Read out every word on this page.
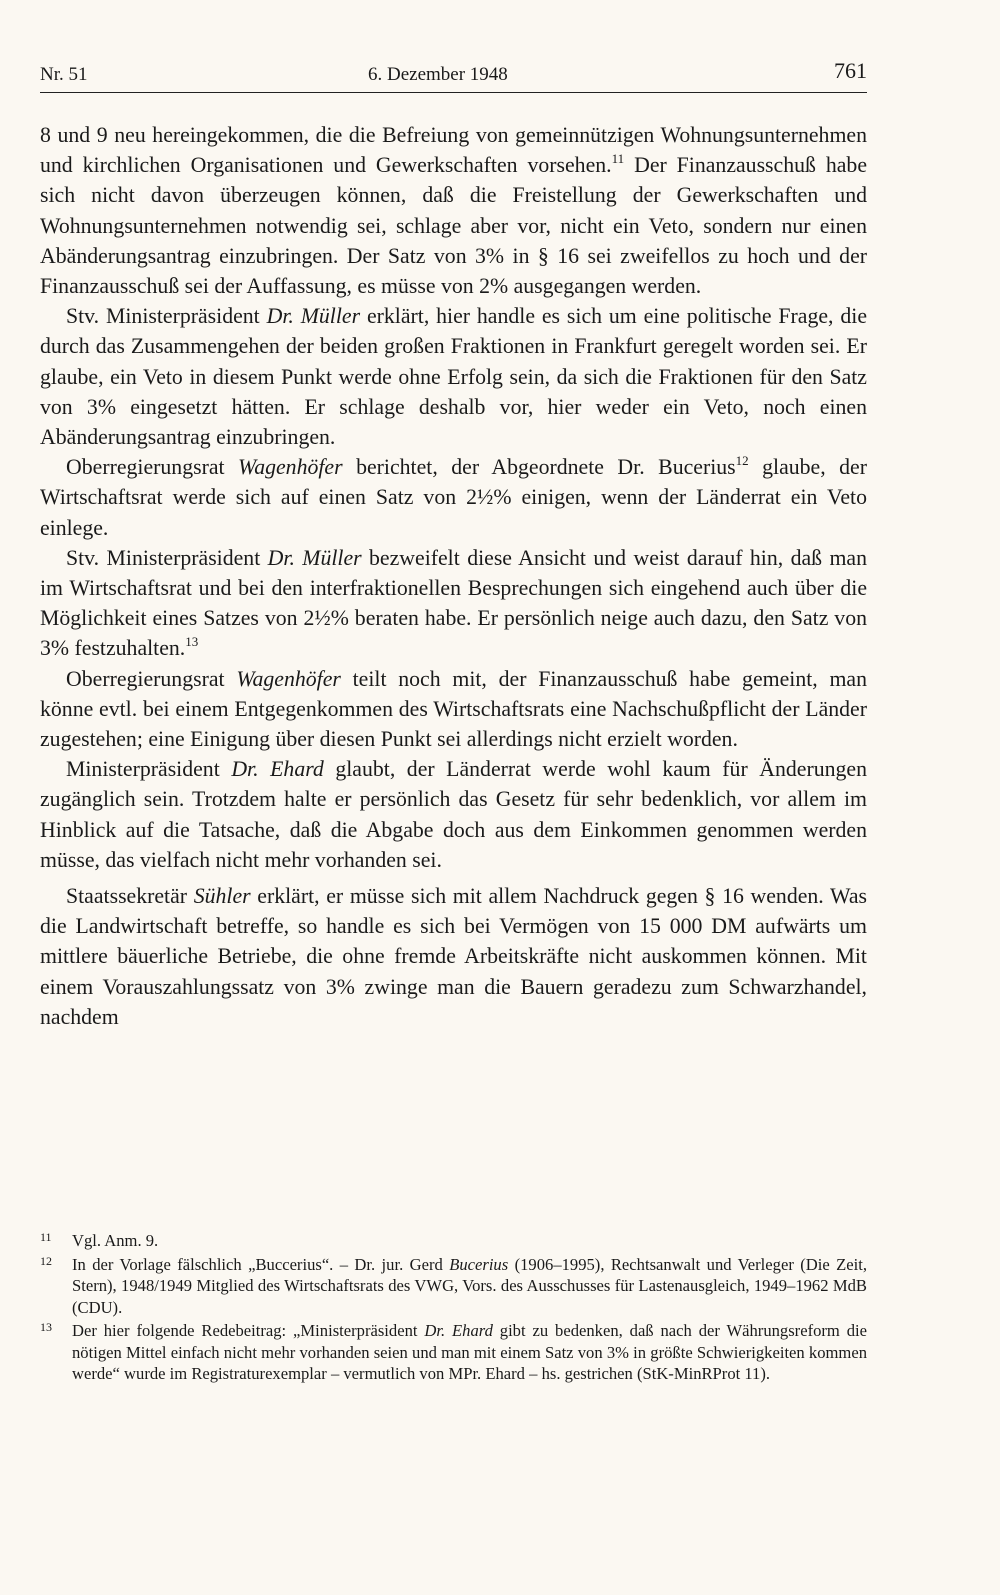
Nr. 51	6. Dezember 1948	761

8 und 9 neu hereingekommen, die die Befreiung von gemeinnützigen Wohnungsunternehmen und kirchlichen Organisationen und Gewerkschaften vorsehen.$^{11}$ Der Finanzausschuß habe sich nicht davon überzeugen können, daß die Freistellung der Gewerkschaften und Wohnungsunternehmen notwendig sei, schlage aber vor, nicht ein Veto, sondern nur einen Abänderungsantrag einzubringen. Der Satz von 3% in § 16 sei zweifellos zu hoch und der Finanzausschuß sei der Auffassung, es müsse von 2% ausgegangen werden.

Stv. Ministerpräsident Dr. Müller erklärt, hier handle es sich um eine politische Frage, die durch das Zusammengehen der beiden großen Fraktionen in Frankfurt geregelt worden sei. Er glaube, ein Veto in diesem Punkt werde ohne Erfolg sein, da sich die Fraktionen für den Satz von 3% eingesetzt hätten. Er schlage deshalb vor, hier weder ein Veto, noch einen Abänderungsantrag einzubringen.

Oberregierungsrat Wagenhöfer berichtet, der Abgeordnete Dr. Bucerius$^{12}$ glaube, der Wirtschaftsrat werde sich auf einen Satz von 2½% einigen, wenn der Länderrat ein Veto einlege.

Stv. Ministerpräsident Dr. Müller bezweifelt diese Ansicht und weist darauf hin, daß man im Wirtschaftsrat und bei den interfraktionellen Besprechungen sich eingehend auch über die Möglichkeit eines Satzes von 2½% beraten habe. Er persönlich neige auch dazu, den Satz von 3% festzuhalten.$^{13}$

Oberregierungsrat Wagenhöfer teilt noch mit, der Finanzausschuß habe gemeint, man könne evtl. bei einem Entgegenkommen des Wirtschaftsrats eine Nachschußpflicht der Länder zugestehen; eine Einigung über diesen Punkt sei allerdings nicht erzielt worden.

Ministerpräsident Dr. Ehard glaubt, der Länderrat werde wohl kaum für Änderungen zugänglich sein. Trotzdem halte er persönlich das Gesetz für sehr bedenklich, vor allem im Hinblick auf die Tatsache, daß die Abgabe doch aus dem Einkommen genommen werden müsse, das vielfach nicht mehr vorhanden sei.

Staatssekretär Sühler erklärt, er müsse sich mit allem Nachdruck gegen § 16 wenden. Was die Landwirtschaft betreffe, so handle es sich bei Vermögen von 15 000 DM aufwärts um mittlere bäuerliche Betriebe, die ohne fremde Arbeitskräfte nicht auskommen können. Mit einem Vorauszahlungssatz von 3% zwinge man die Bauern geradezu zum Schwarzhandel, nachdem

11 Vgl. Anm. 9.
12 In der Vorlage fälschlich „Buccerius“. – Dr. jur. Gerd Bucerius (1906–1995), Rechtsanwalt und Verleger (Die Zeit, Stern), 1948/1949 Mitglied des Wirtschaftsrats des VWG, Vors. des Ausschusses für Lastenausgleich, 1949–1962 MdB (CDU).
13 Der hier folgende Redebeitrag: „Ministerpräsident Dr. Ehard gibt zu bedenken, daß nach der Währungsreform die nötigen Mittel einfach nicht mehr vorhanden seien und man mit einem Satz von 3% in größte Schwierigkeiten kommen werde“ wurde im Registraturexemplar – vermutlich von MPr. Ehard – hs. gestrichen (StK-MinRProt 11).
